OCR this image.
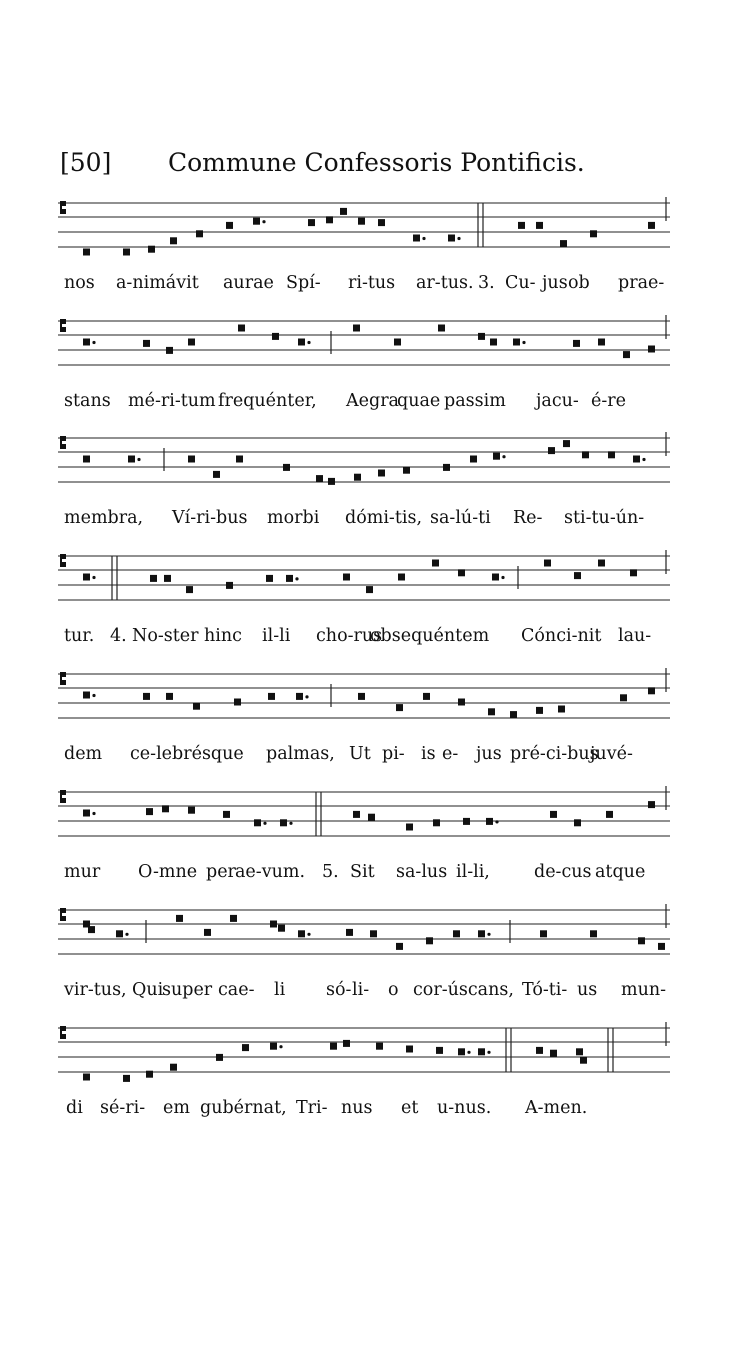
[50] Commune Confessoris Pontificis.
nos a-nimávit aurae Spí- ri-tus ar-tus. 3. Cu- jus ob prae-
stans mé-ri-tum frequénter, Aegra
quae passim jacu- é-re
membra, Ví-ri-bus morbi dómi-tis, sa-lú-ti Re- sti-tu-ún-
tur. 4. No-ster hinc il-li cho-rus
obsequéntem Cónci-nit lau-
dem ce-lebrésque palmas, Ut pi- is e- jus pré-ci-bus
juvé-
mur O-mne per ae-vum. 5. Sit sa-lus il-li,	de-cus atque
vir-tus, Qui
super cae- li só- li- o cor-úscans, Tó-ti- us mun-
di sé-ri- em gubérnat, Tri- nus et u-nus. A-men.
